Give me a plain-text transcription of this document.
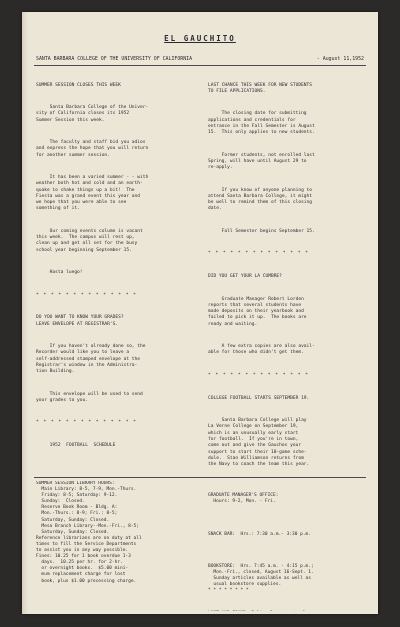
EL GAUCHITO
SANTA BARBARA COLLEGE OF THE UNIVERSITY OF CALIFORNIA	- August 11,1952

SUMMER SESSION CLOSES THIS WEEK

Santa Barbara College of the Univer-
sity of California closes its 1952
Summer Session this week.

The faculty and staff bid you adios
and express the hope that you will return
for another summer session.

It has been a varied summer - - with
weather both hot and cold and an earth-
quake to shake things up a bit!  The
Fiesta was a grand event this year and
we hope that you were able to see
something of it.

Our coming events column is vacant
this week.  The campus will rest up,
clean up and get all set for the busy
school year beginning September 15.

Hasta luego!

* * * * * * * * * * * * * *

DO YOU WANT TO KNOW YOUR GRADES?
LEAVE ENVELOPE AT REGISTRAR'S.

If you haven't already done so, the
Recorder would like you to leave a
self-addressed stamped envelope at the
Registrar's window in the Administra-
tion Building.

This envelope will be used to send
your grades to you.

* * * * * * * * * * * * * *

1952  FOOTBALL  SCHEDULE

LAST CHANCE THIS WEEK FOR NEW STUDENTS
TO FILE APPLICATIONS.

The closing date for submitting
applications and credentials for
entrance in the Fall Semester is August
15.  This only applies to new students.

Former students, not enrolled last
Spring, will have until August 29 to
re-apply.

If you know of anyone planning to
attend Santa Barbara College, it might
be well to remind them of this closing
date.

Fall Semester begins September 15.

* * * * * * * * * * * * * *

DID YOU GET YOUR LA CUMBRE?

Graduate Manager Robert Lorden
reports that several students have
made deposits on their yearbook and
failed to pick it up.  The books are
ready and waiting.

A few extra copies are also avail-
able for those who didn't get them.

* * * * * * * * * * * * * *

COLLEGE FOOTBALL STARTS SEPTEMBER 19.

Santa Barbara College will play
La Verne College on September 19,
which is an unusually early start
for football.  If you're in town,
come out and give the Gauchos your
support to start their 10-game sche-
dule.  Stan Williamson returns from
the Navy to coach the team this year.

SUMMER SESSION LIBRARY HOURS:
Main Library: 8-5, 7-9, Mon.-Thurs.
Friday: 8-5; Saturday: 9-12.
Sunday:  Closed.
Reserve Book Room - Bldg. A:
Mon.-Thurs.: 8-9; Fri.: 8-5;
Saturday, Sunday: Closed.
Mesa Branch Library--Mon.-Fri., 8-5;
Saturday, Sunday: Closed.
Reference librarians are on duty at all
times to fill the Service Departments
to assist you in any way possible.
Fines: 10.25 for 1 book overdue 1-3
days.  10.25 per hr. for 2-hr.
or overnight books.  $5.00 mini-
mum replacement charge for lost
book, plus $1.00 processing charge.

GRADUATE MANAGER'S OFFICE:
Hours: 9-2, Mon. - Fri.

SNACK BAR:  Hrs.: 7:30 a.m.- 3:30 p.m.

BOOKSTORE:  Hrs. 7:45 a.m. - 4:15 p.m.;
Mon.-Fri., closed, August 16-Sept. 1.
Sunday articles available as well as
usual bookstore supplies.
* * * * * * * *
